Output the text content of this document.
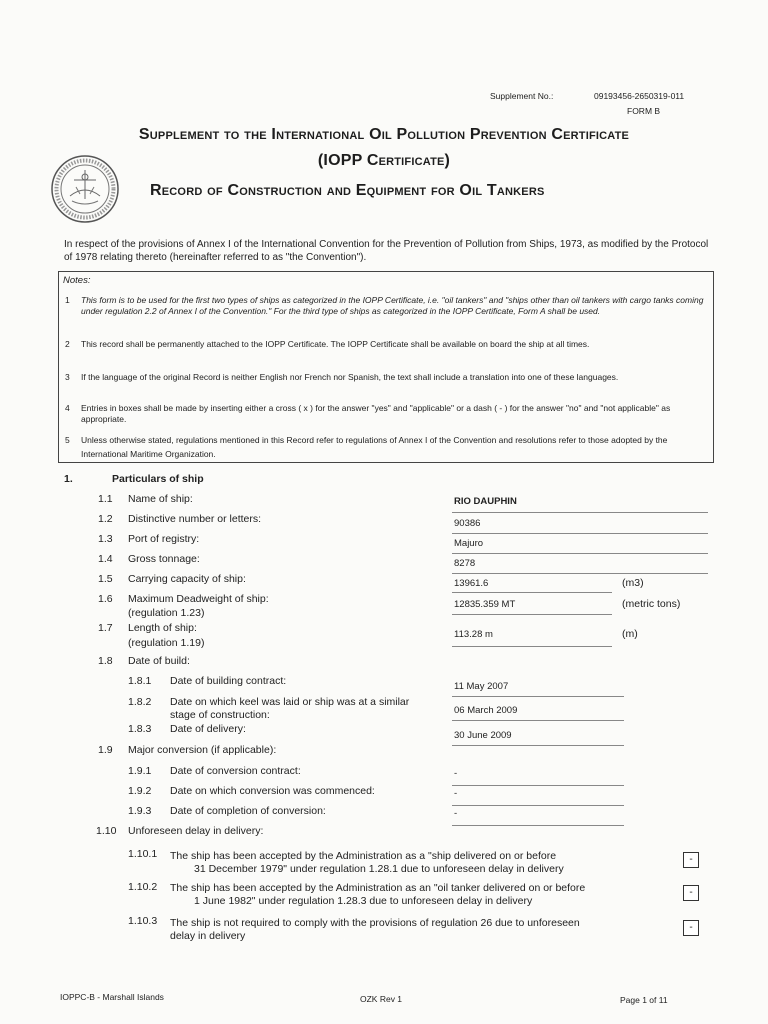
Supplement No.:	09193456-2650319-011
FORM B
Supplement to the International Oil Pollution Prevention Certificate
(IOPP Certificate)
Record of Construction and Equipment for Oil Tankers
In respect of the provisions of Annex I of the International Convention for the Prevention of Pollution from Ships, 1973, as modified by the Protocol of 1978 relating thereto (hereinafter referred to as "the Convention").
Notes:
1 This form is to be used for the first two types of ships as categorized in the IOPP Certificate, i.e. "oil tankers" and "ships other than oil tankers with cargo tanks coming under regulation 2.2 of Annex I of the Convention." For the third type of ships as categorized in the IOPP Certificate, Form A shall be used.
2 This record shall be permanently attached to the IOPP Certificate. The IOPP Certificate shall be available on board the ship at all times.
3 If the language of the original Record is neither English nor French nor Spanish, the text shall include a translation into one of these languages.
4 Entries in boxes shall be made by inserting either a cross ( x ) for the answer "yes" and "applicable" or a dash ( - ) for the answer "no" and "not applicable" as appropriate.
5 Unless otherwise stated, regulations mentioned in this Record refer to regulations of Annex I of the Convention and resolutions refer to those adopted by the International Maritime Organization.
1.	Particulars of ship
1.1 Name of ship:	RIO DAUPHIN
1.2 Distinctive number or letters:	90386
1.3 Port of registry:	Majuro
1.4 Gross tonnage:	8278
1.5 Carrying capacity of ship:	13961.6	(m3)
1.6 Maximum Deadweight of ship:
(regulation 1.23)
12835.359 MT	(metric tons)
1.7 Length of ship:
(regulation 1.19)
113.28 m	(m)
1.8 Date of build:
1.8.1 Date of building contract:	11 May 2007
1.8.2 Date on which keel was laid or ship was at a similar
stage of construction:	06 March 2009
1.8.3 Date of delivery:
30 June 2009
1.9 Major conversion (if applicable):
1.9.1 Date of conversion contract:	-
1.9.2 Date on which conversion was commenced:	-
1.9.3 Date of completion of conversion:	-
1.10 Unforeseen delay in delivery:
1.10.1 The ship has been accepted by the Administration as a "ship delivered on or before
31 December 1979" under regulation 1.28.1 due to unforeseen delay in delivery
-
1.10.2 The ship has been accepted by the Administration as an "oil tanker delivered on or before
1 June 1982" under regulation 1.28.3 due to unforeseen delay in delivery
-
1.10.3 The ship is not required to comply with the provisions of regulation 26 due to unforeseen
delay in delivery
-
IOPPC-B - Marshall Islands	OZK Rev 1	Page 1 of 11
